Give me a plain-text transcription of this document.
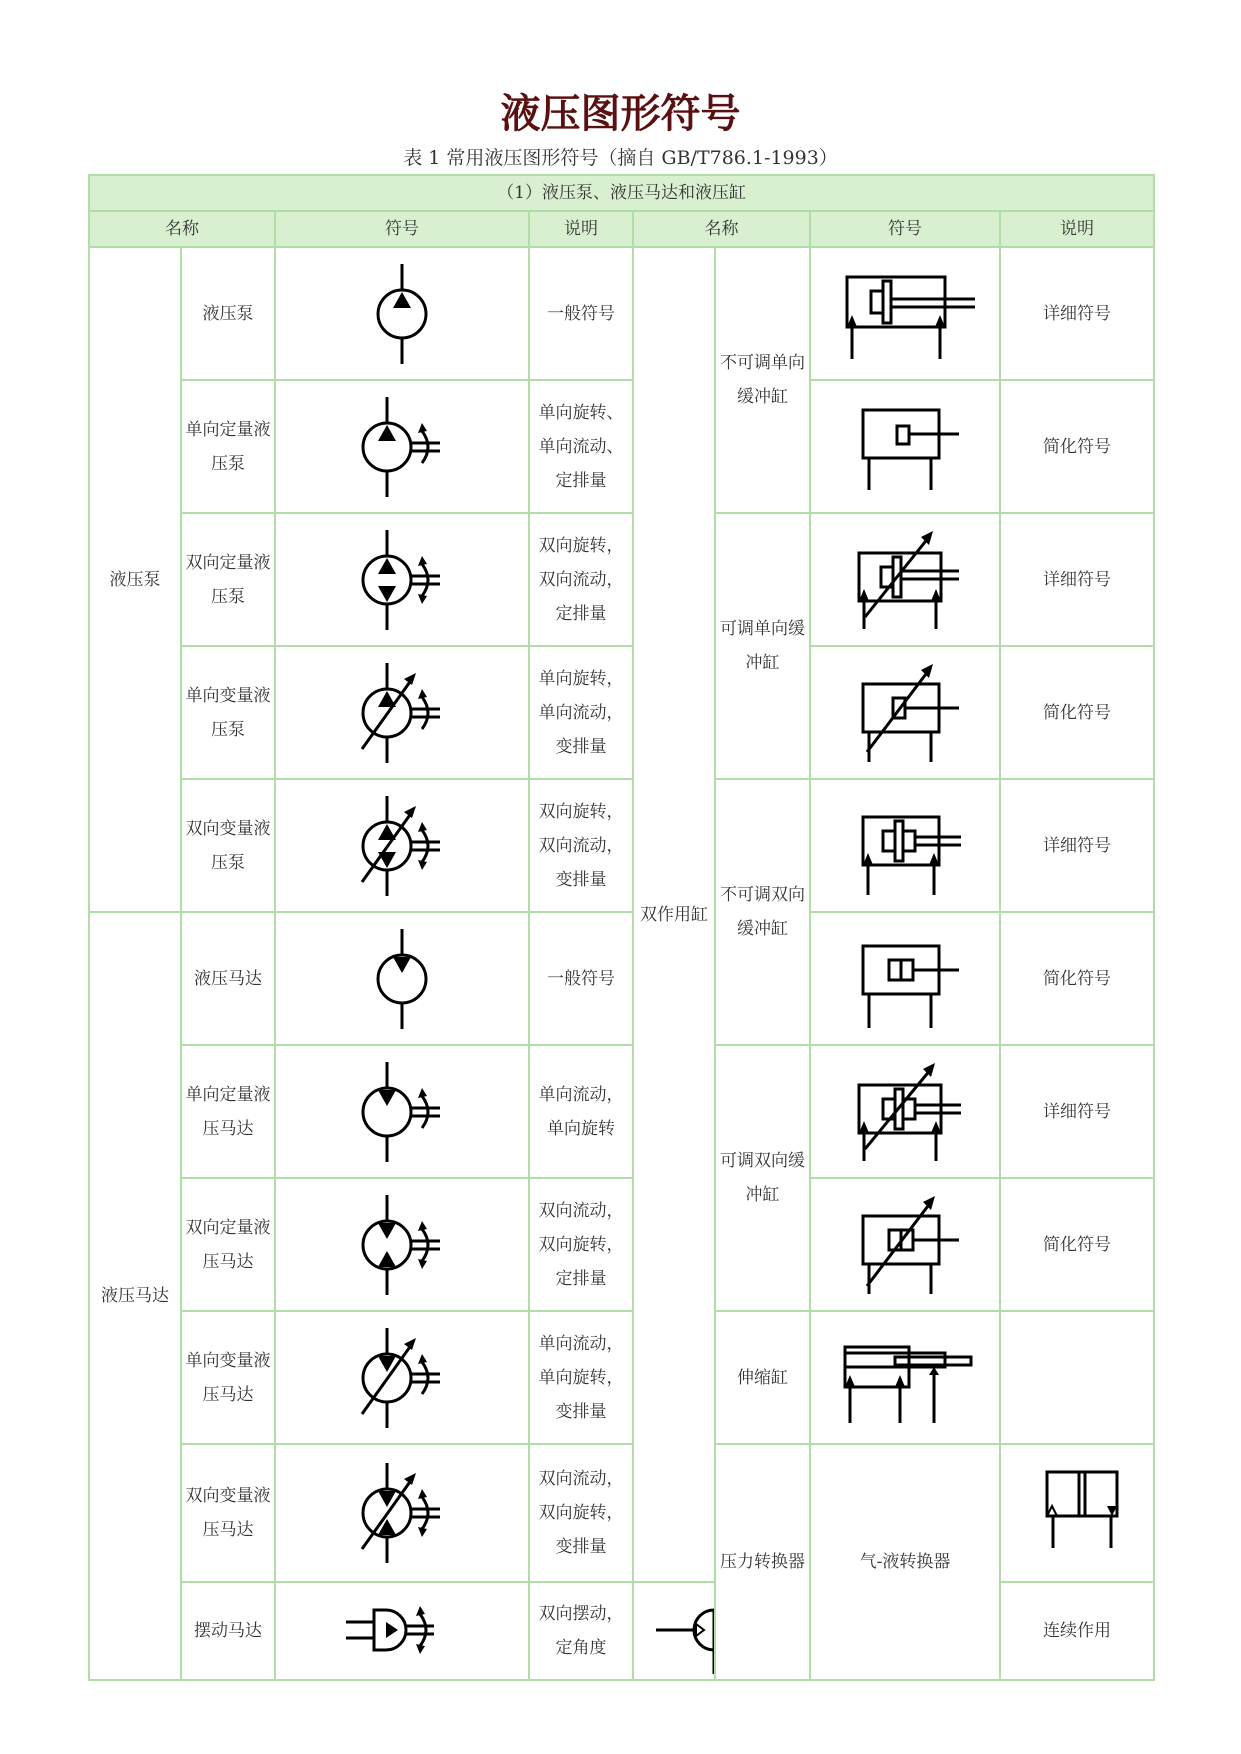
液压图形符号
表 1 常用液压图形符号（摘自 GB/T786.1-1993）
（1）液压泵、液压马达和液压缸								
名称		符号	说明	名称		符号	说明	
液压泵	液压泵		一般符号	双作用缸	不可调单向缓冲缸		详细符号	
	单向定量液压泵		单向旋转、
单向流动、
定排量				简化符号	
	双向定量液压泵		双向旋转，
双向流动，
定排量		可调单向缓冲缸		详细符号	
	单向变量液压泵		单向旋转，
单向流动，
变排量				简化符号	
	双向变量液压泵		双向旋转，
双向流动，
变排量		不可调双向缓冲缸		详细符号	
液压马达	液压马达		一般符号				简化符号	
	单向定量液压马达		单向流动，
单向旋转		可调双向缓冲缸		详细符号	
	双向定量液压马达		双向流动，
双向旋转，
定排量				简化符号	
	单向变量液压马达		单向流动，
单向旋转，
变排量		伸缩缸	

	双向变量液压马达		双向流动，
双向旋转，
变排量		压力转换器	气-液转换器	

	摆动马达		双向摆动，
定角度				连续作用	
